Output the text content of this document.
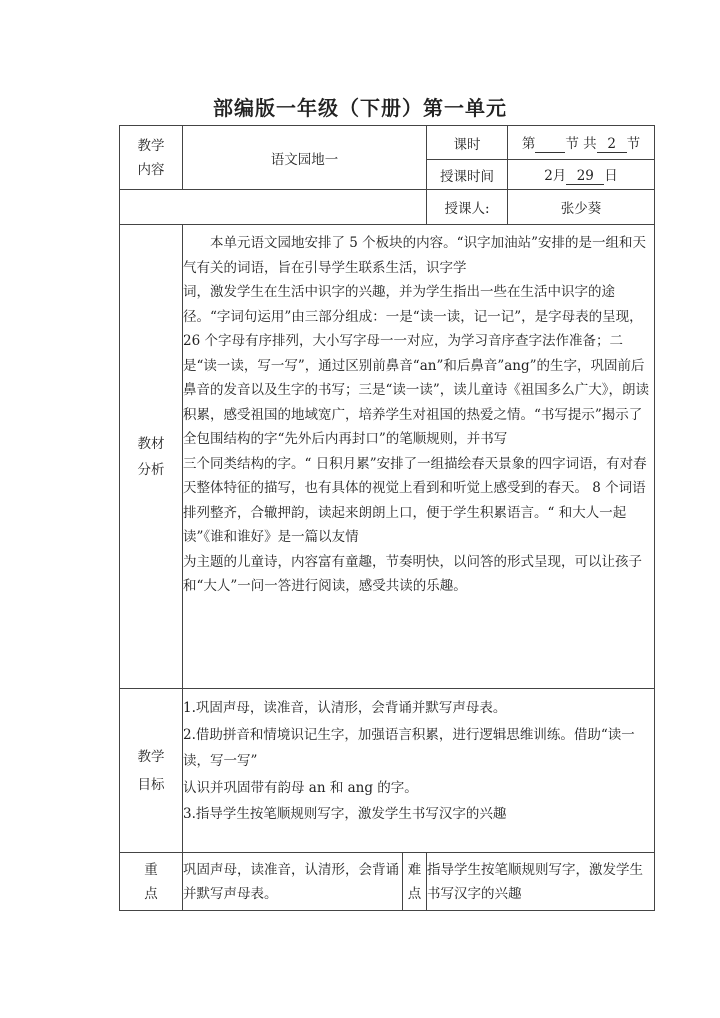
部编版一年级（下册）第一单元
教学内容	语文园地一		课时	第 节 共 2 节
			授课时间	2月 29 日
			授课人:	张少葵

教材分析	本单元语文园地安排了 5 个板块的内容。“识字加油站”安排的是一组和天气有关的词语，旨在引导学生联系生活，识字学

词，激发学生在生活中识字的兴趣，并为学生指出一些在生活中识字的途径。“字词句运用”由三部分组成：一是“读一读，记一记”，是字母表的呈现，26 个字母有序排列，大小写字母一一对应，为学习音序查字法作准备；二是“读一读，写一写”，通过区别前鼻音“an”和后鼻音”ang”的生字，巩固前后鼻音的发音以及生字的书写；三是“读一读”，读儿童诗《祖国多么广大》，朗读积累，感受祖国的地域宽广，培养学生对祖国的热爱之情。“书写提示”揭示了全包围结构的字“先外后内再封口”的笔顺规则，并书写

三个同类结构的字。“ 日积月累”安排了一组描绘春天景象的四字词语，有对春天整体特征的描写，也有具体的视觉上看到和听觉上感受到的春天。 8 个词语排列整齐，合辙押韵，读起来朗朗上口，便于学生积累语言。“ 和大人一起读”《谁和谁好》是一篇以友情

为主题的儿童诗，内容富有童趣，节奏明快，以问答的形式呈现，可以让孩子和“大人”一问一答进行阅读，感受共读的乐趣。			

教学目标	1.巩固声母，读准音，认清形，会背诵并默写声母表。

2.借助拼音和情境识记生字，加强语言积累，进行逻辑思维训练。借助“读一读，写一写”

认识并巩固带有韵母 an 和 ang 的字。

3.指导学生按笔顺规则写字，激发学生书写汉字的兴趣			

重点	巩固声母，读准音，认清形，会背诵并默写声母表。	难点	指导学生按笔顺规则写字，激发学生书写汉字的兴趣	
